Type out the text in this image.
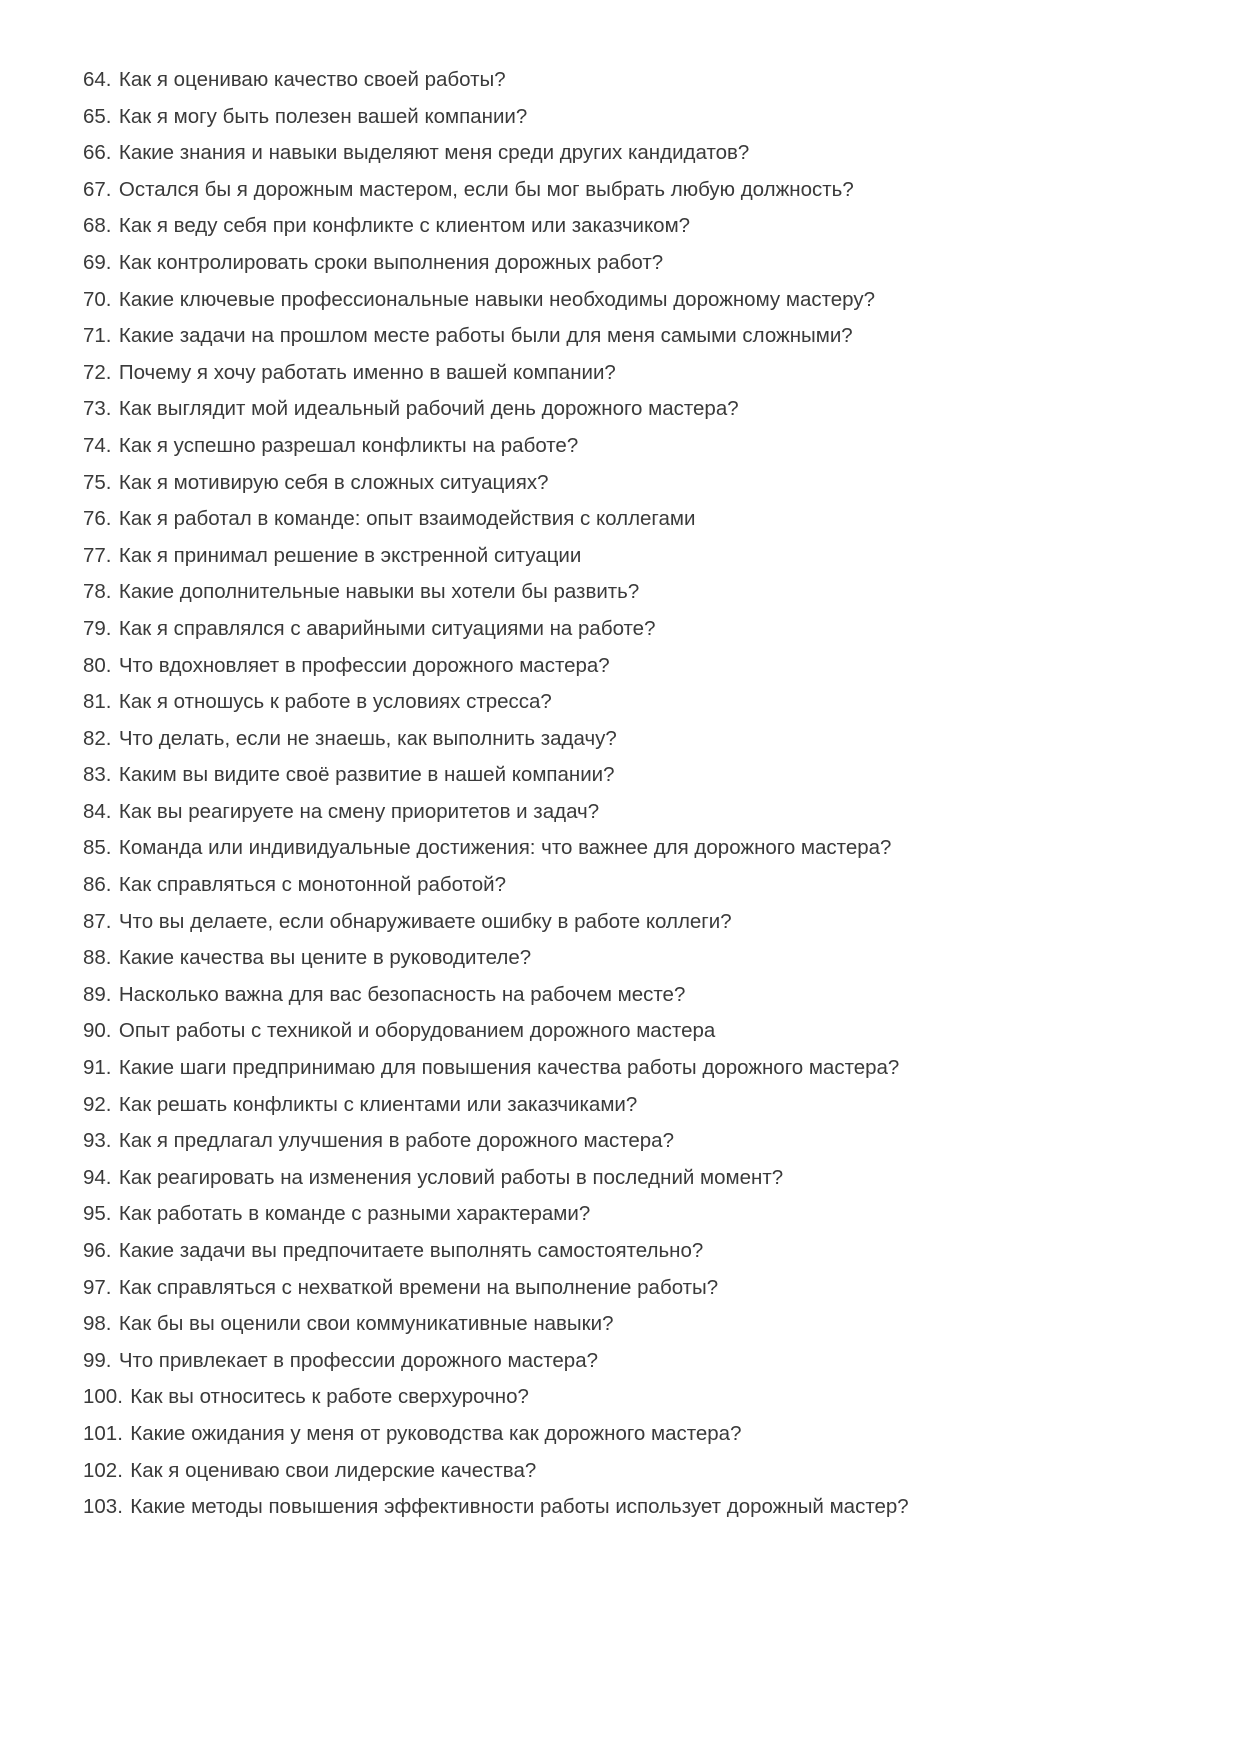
64. Как я оцениваю качество своей работы?
65. Как я могу быть полезен вашей компании?
66. Какие знания и навыки выделяют меня среди других кандидатов?
67. Остался бы я дорожным мастером, если бы мог выбрать любую должность?
68. Как я веду себя при конфликте с клиентом или заказчиком?
69. Как контролировать сроки выполнения дорожных работ?
70. Какие ключевые профессиональные навыки необходимы дорожному мастеру?
71. Какие задачи на прошлом месте работы были для меня самыми сложными?
72. Почему я хочу работать именно в вашей компании?
73. Как выглядит мой идеальный рабочий день дорожного мастера?
74. Как я успешно разрешал конфликты на работе?
75. Как я мотивирую себя в сложных ситуациях?
76. Как я работал в команде: опыт взаимодействия с коллегами
77. Как я принимал решение в экстренной ситуации
78. Какие дополнительные навыки вы хотели бы развить?
79. Как я справлялся с аварийными ситуациями на работе?
80. Что вдохновляет в профессии дорожного мастера?
81. Как я отношусь к работе в условиях стресса?
82. Что делать, если не знаешь, как выполнить задачу?
83. Каким вы видите своё развитие в нашей компании?
84. Как вы реагируете на смену приоритетов и задач?
85. Команда или индивидуальные достижения: что важнее для дорожного мастера?
86. Как справляться с монотонной работой?
87. Что вы делаете, если обнаруживаете ошибку в работе коллеги?
88. Какие качества вы цените в руководителе?
89. Насколько важна для вас безопасность на рабочем месте?
90. Опыт работы с техникой и оборудованием дорожного мастера
91. Какие шаги предпринимаю для повышения качества работы дорожного мастера?
92. Как решать конфликты с клиентами или заказчиками?
93. Как я предлагал улучшения в работе дорожного мастера?
94. Как реагировать на изменения условий работы в последний момент?
95. Как работать в команде с разными характерами?
96. Какие задачи вы предпочитаете выполнять самостоятельно?
97. Как справляться с нехваткой времени на выполнение работы?
98. Как бы вы оценили свои коммуникативные навыки?
99. Что привлекает в профессии дорожного мастера?
100. Как вы относитесь к работе сверхурочно?
101. Какие ожидания у меня от руководства как дорожного мастера?
102. Как я оцениваю свои лидерские качества?
103. Какие методы повышения эффективности работы использует дорожный мастер?
